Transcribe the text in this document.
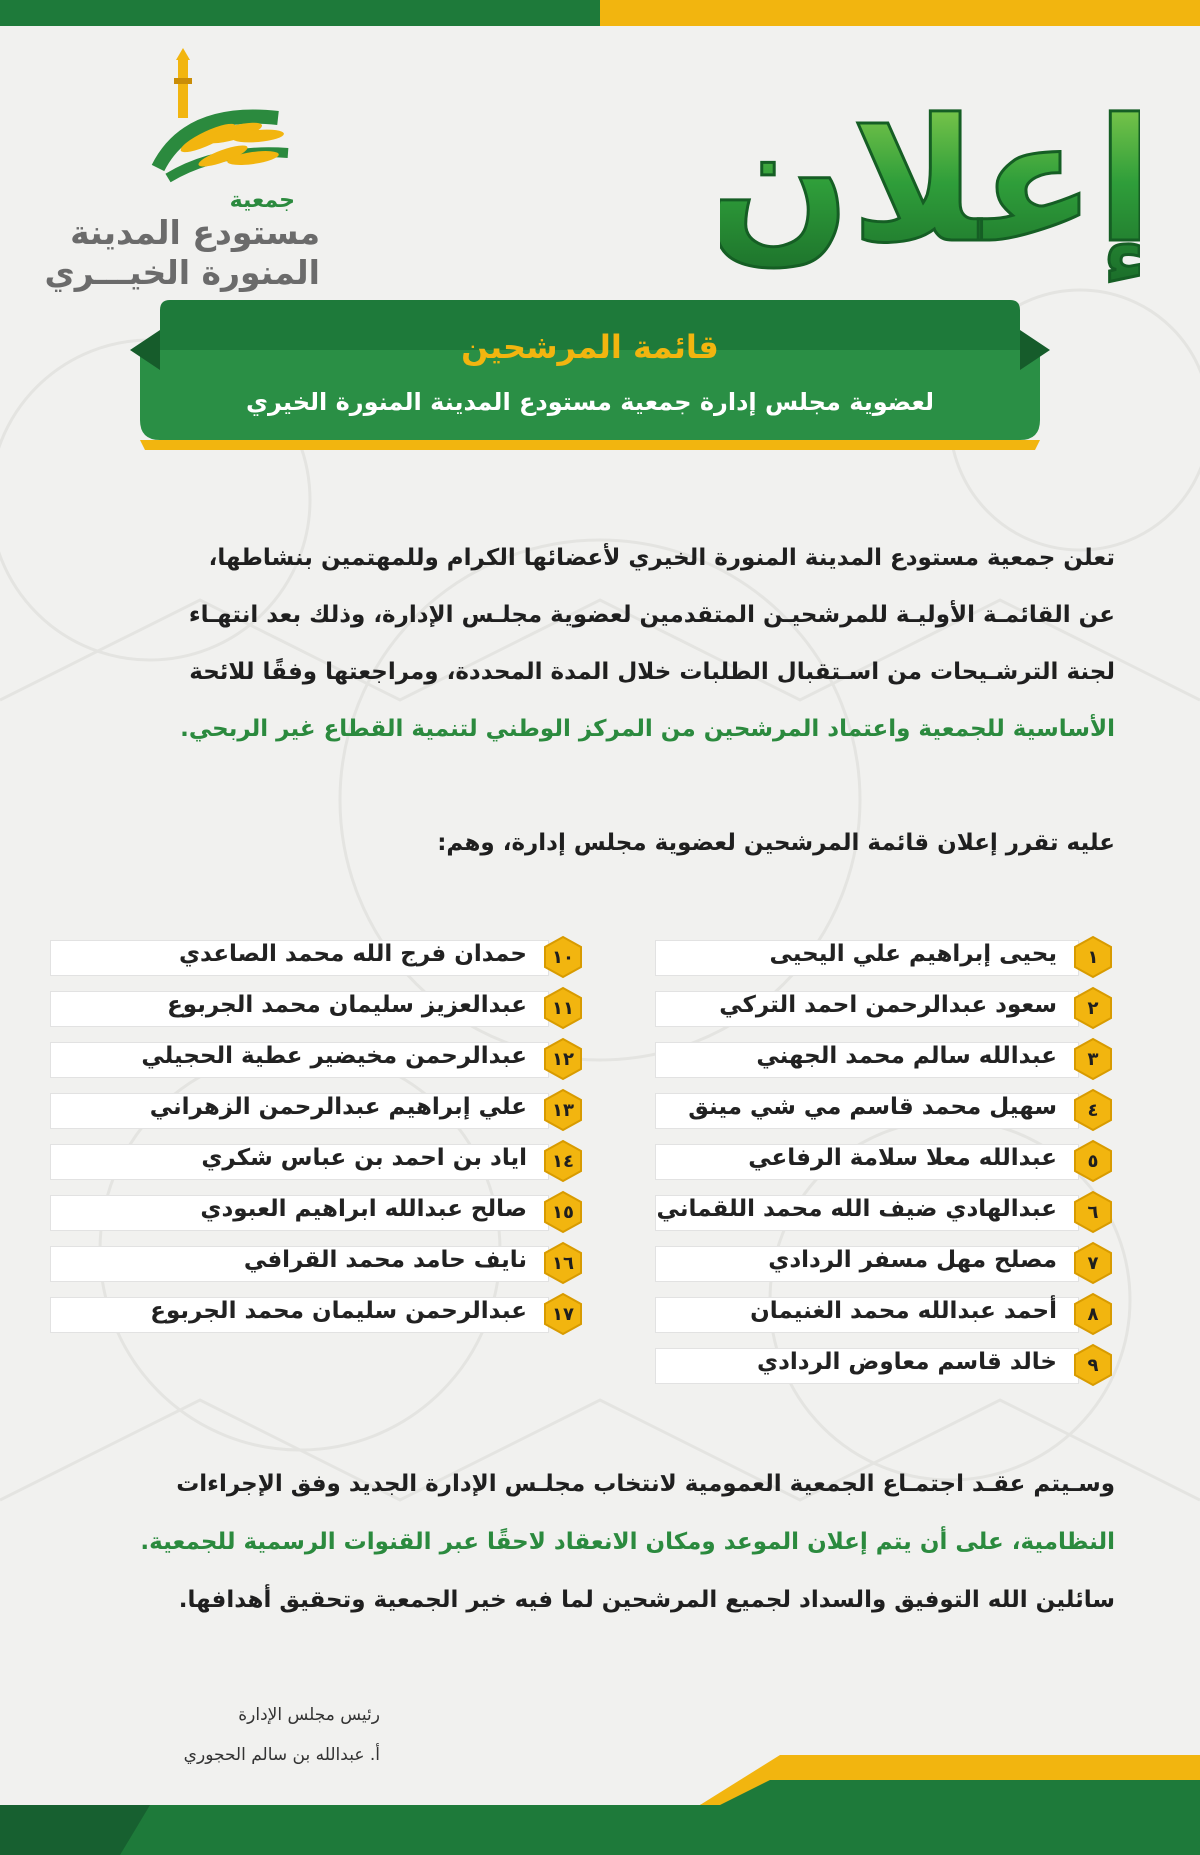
جمعية
مستودع المدينة
المنورة الخيـــري إعلان
قائمة المرشحين
لعضوية مجلس إدارة جمعية مستودع المدينة المنورة الخيري
تعلن جمعية مستودع المدينة المنورة الخيري لأعضائها الكرام وللمهتمين بنشاطها،
عن القائمـة الأوليـة للمرشحيـن المتقدمين لعضوية مجلـس الإدارة، وذلك بعد انتهـاء
لجنة الترشـيحات من اسـتقبال الطلبات خلال المدة المحددة، ومراجعتها وفقًا للائحة
الأساسية للجمعية واعتماد المرشحين من المركز الوطني لتنمية القطاع غير الربحي.
عليه تقرر إعلان قائمة المرشحين لعضوية مجلس إدارة، وهم:
يحيى إبراهيم علي اليحيى	١
سعود عبدالرحمن احمد التركي	٢
عبدالله سالم محمد الجهني	٣
سهيل محمد قاسم مي شي مينق	٤
عبدالله معلا سلامة الرفاعي	٥
عبدالهادي ضيف الله محمد اللقماني	٦
مصلح مهل مسفر الردادي	٧
أحمد عبدالله محمد الغنيمان	٨
خالد قاسم معاوض الردادي	٩
حمدان فرج الله محمد الصاعدي	١٠
عبدالعزيز سليمان محمد الجربوع	١١
عبدالرحمن مخيضير عطية الحجيلي	١٢
علي إبراهيم عبدالرحمن الزهراني	١٣
اياد بن احمد بن عباس شكري	١٤
صالح عبدالله ابراهيم العبودي	١٥
نايف حامد محمد القرافي	١٦
عبدالرحمن سليمان محمد الجربوع	١٧
وسـيتم عقـد اجتمـاع الجمعية العمومية لانتخاب مجلـس الإدارة الجديد وفق الإجراءات
النظامية، على أن يتم إعلان الموعد ومكان الانعقاد لاحقًا عبر القنوات الرسمية للجمعية.
سائلين الله التوفيق والسداد لجميع المرشحين لما فيه خير الجمعية وتحقيق أهدافها.
رئيس مجلس الإدارة
أ. عبدالله بن سالم الحجوري
